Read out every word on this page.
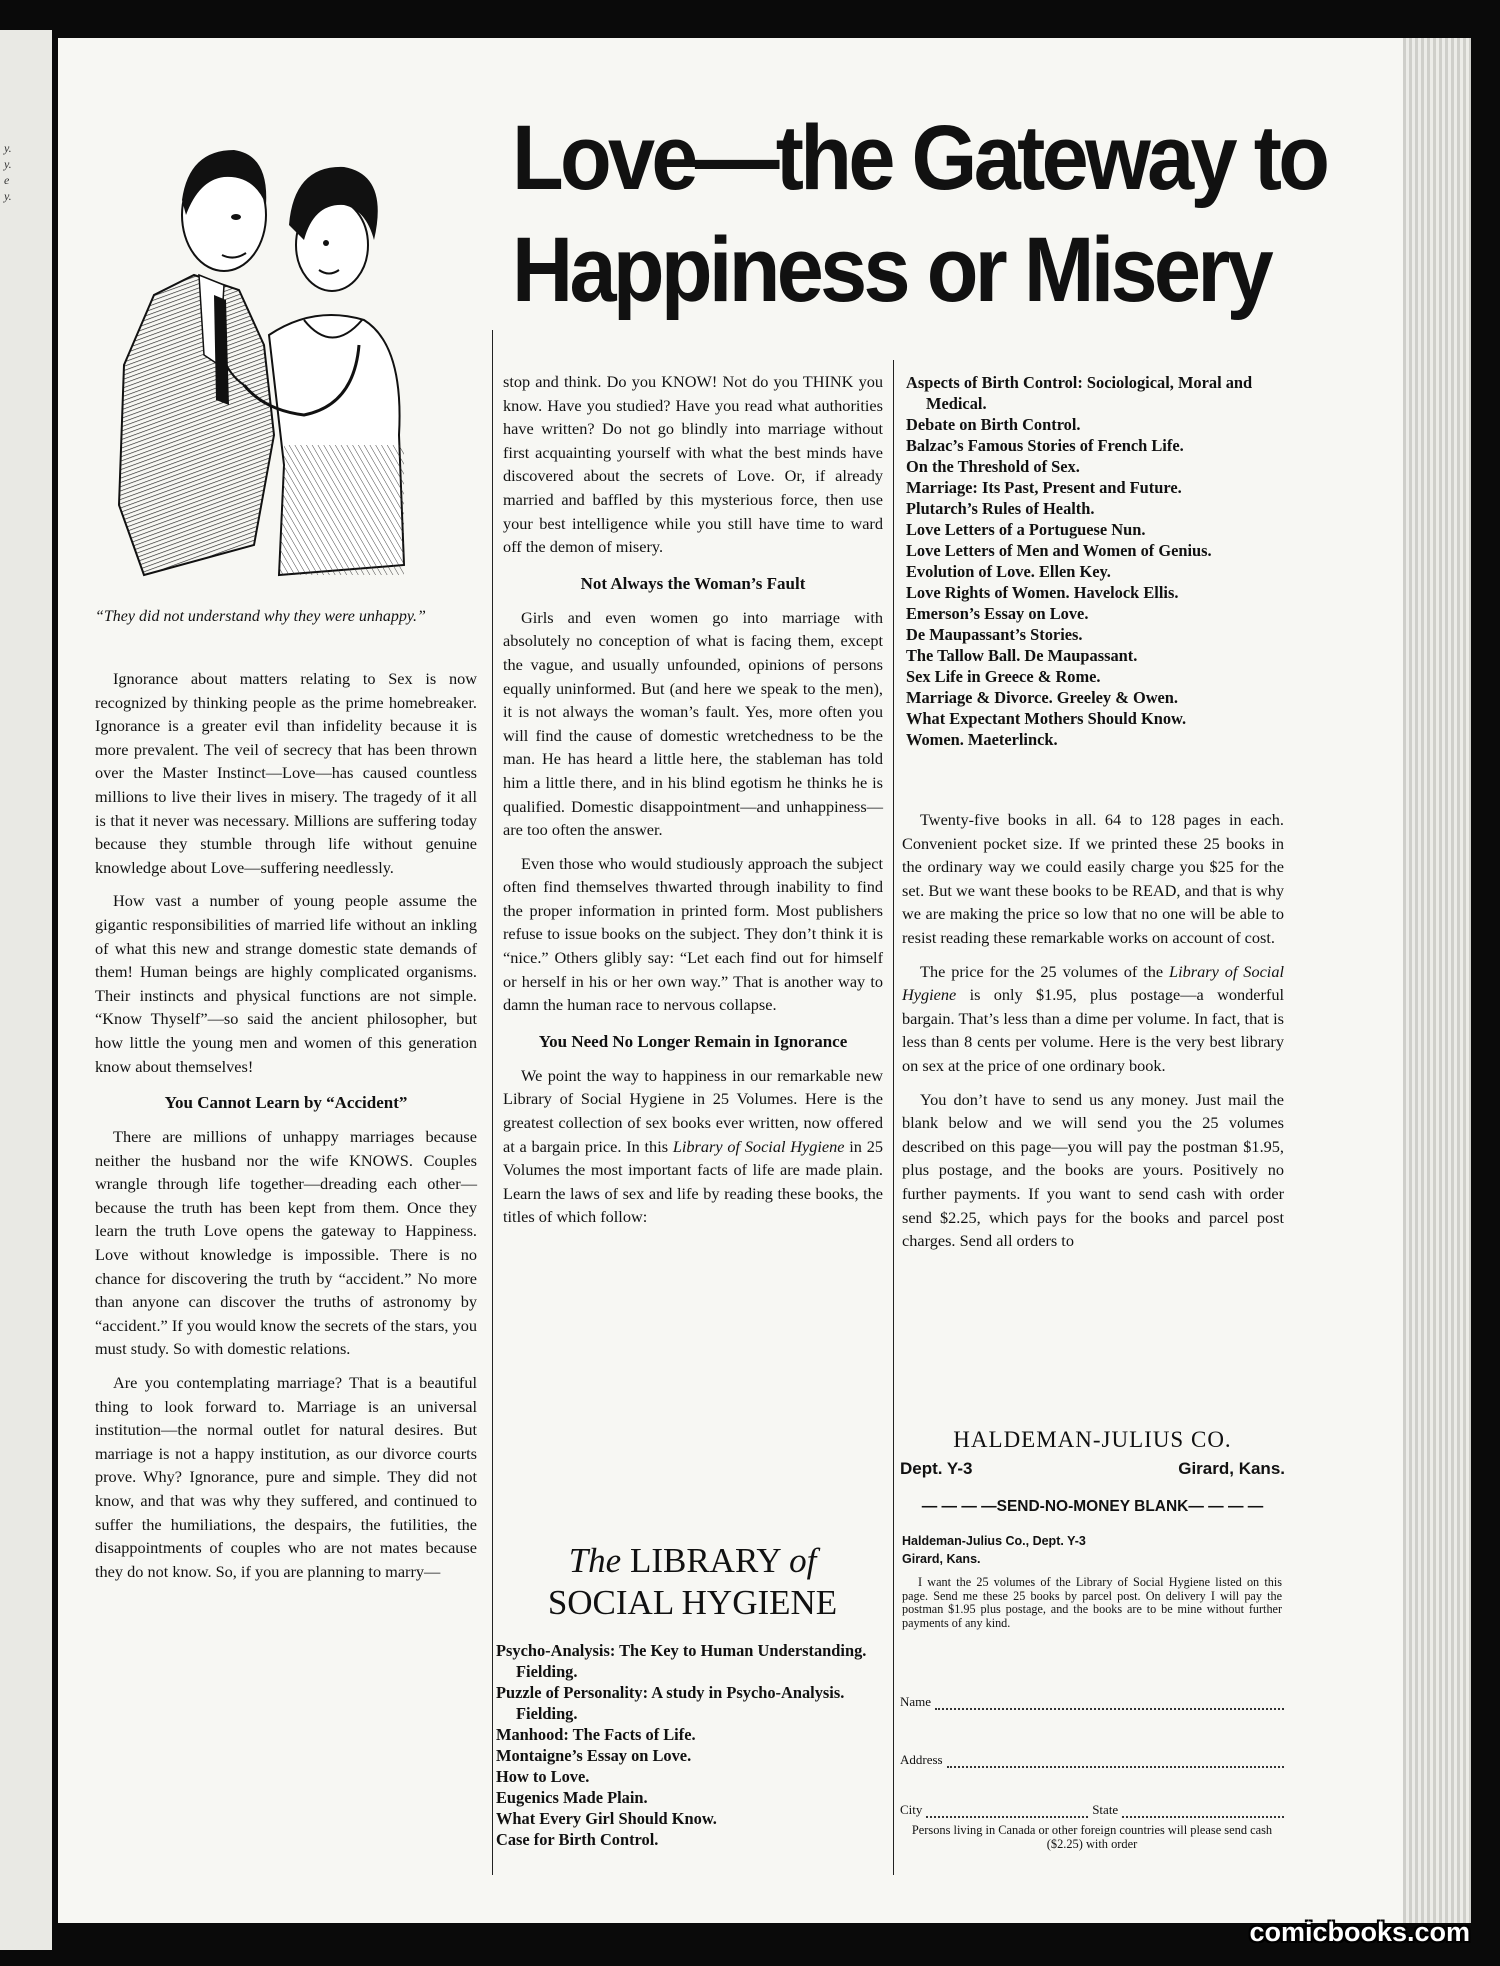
y.
y.
e
y.
“They did not understand why they were unhappy.”
Love—the Gateway to
Happiness or Misery

Ignorance about matters relating to Sex is now recognized by thinking people as the prime homebreaker. Ignorance is a greater evil than infidelity because it is more prevalent. The veil of secrecy that has been thrown over the Master Instinct—Love—has caused countless millions to live their lives in misery. The tragedy of it all is that it never was necessary. Millions are suffering today because they stumble through life without genuine knowledge about Love—suffering needlessly.

How vast a number of young people assume the gigantic responsibilities of married life without an inkling of what this new and strange domestic state demands of them! Human beings are highly complicated organisms. Their instincts and physical functions are not simple. “Know Thyself”—so said the ancient philosopher, but how little the young men and women of this generation know about themselves!

You Cannot Learn by “Accident”

There are millions of unhappy marriages because neither the husband nor the wife KNOWS. Couples wrangle through life together—dreading each other—because the truth has been kept from them. Once they learn the truth Love opens the gateway to Happiness. Love without knowledge is impossible. There is no chance for discovering the truth by “accident.” No more than anyone can discover the truths of astronomy by “accident.” If you would know the secrets of the stars, you must study. So with domestic relations.

Are you contemplating marriage? That is a beautiful thing to look forward to. Marriage is an universal institution—the normal outlet for natural desires. But marriage is not a happy institution, as our divorce courts prove. Why? Ignorance, pure and simple. They did not know, and that was why they suffered, and continued to suffer the humiliations, the despairs, the futilities, the disappointments of couples who are not mates because they do not know. So, if you are planning to marry—

stop and think. Do you KNOW! Not do you THINK you know. Have you studied? Have you read what authorities have written? Do not go blindly into marriage without first acquainting yourself with what the best minds have discovered about the secrets of Love. Or, if already married and baffled by this mysterious force, then use your best intelligence while you still have time to ward off the demon of misery.

Not Always the Woman’s Fault

Girls and even women go into marriage with absolutely no conception of what is facing them, except the vague, and usually unfounded, opinions of persons equally uninformed. But (and here we speak to the men), it is not always the woman’s fault. Yes, more often you will find the cause of domestic wretchedness to be the man. He has heard a little here, the stableman has told him a little there, and in his blind egotism he thinks he is qualified. Domestic disappointment—and unhappiness—are too often the answer.

Even those who would studiously approach the subject often find themselves thwarted through inability to find the proper information in printed form. Most publishers refuse to issue books on the subject. They don’t think it is “nice.” Others glibly say: “Let each find out for himself or herself in his or her own way.” That is another way to damn the human race to nervous collapse.

You Need No Longer Remain in Ignorance

We point the way to happiness in our remarkable new Library of Social Hygiene in 25 Volumes. Here is the greatest collection of sex books ever written, now offered at a bargain price. In this Library of Social Hygiene in 25 Volumes the most important facts of life are made plain. Learn the laws of sex and life by reading these books, the titles of which follow:

The LIBRARY of
SOCIAL HYGIENE
Psycho-Analysis: The Key to Human Understanding. Fielding.
Puzzle of Personality: A study in Psycho-Analysis. Fielding.
Manhood: The Facts of Life.
Montaigne’s Essay on Love.
How to Love.
Eugenics Made Plain.
What Every Girl Should Know.
Case for Birth Control.
Aspects of Birth Control: Sociological, Moral and Medical.
Debate on Birth Control.
Balzac’s Famous Stories of French Life.
On the Threshold of Sex.
Marriage: Its Past, Present and Future.
Plutarch’s Rules of Health.
Love Letters of a Portuguese Nun.
Love Letters of Men and Women of Genius.
Evolution of Love. Ellen Key.
Love Rights of Women. Havelock Ellis.
Emerson’s Essay on Love.
De Maupassant’s Stories.
The Tallow Ball. De Maupassant.
Sex Life in Greece & Rome.
Marriage & Divorce. Greeley & Owen.
What Expectant Mothers Should Know.
Women. Maeterlinck.

Twenty-five books in all. 64 to 128 pages in each. Convenient pocket size. If we printed these 25 books in the ordinary way we could easily charge you $25 for the set. But we want these books to be READ, and that is why we are making the price so low that no one will be able to resist reading these remarkable works on account of cost.

The price for the 25 volumes of the Library of Social Hygiene is only $1.95, plus postage—a wonderful bargain. That’s less than a dime per volume. In fact, that is less than 8 cents per volume. Here is the very best library on sex at the price of one ordinary book.

You don’t have to send us any money. Just mail the blank below and we will send you the 25 volumes described on this page—you will pay the postman $1.95, plus postage, and the books are yours. Positively no further payments. If you want to send cash with order send $2.25, which pays for the books and parcel post charges. Send all orders to

HALDEMAN-JULIUS CO.
Dept. Y-3	Girard, Kans.
— — — —SEND-NO-MONEY BLANK— — — —
Haldeman-Julius Co., Dept. Y-3
Girard, Kans.
I want the 25 volumes of the Library of Social Hygiene listed on this page. Send me these 25 books by parcel post. On delivery I will pay the postman $1.95 plus postage, and the books are to be mine without further payments of any kind.
Name
Address
City	State
Persons living in Canada or other foreign countries will please send cash ($2.25) with order
comicbooks.com
